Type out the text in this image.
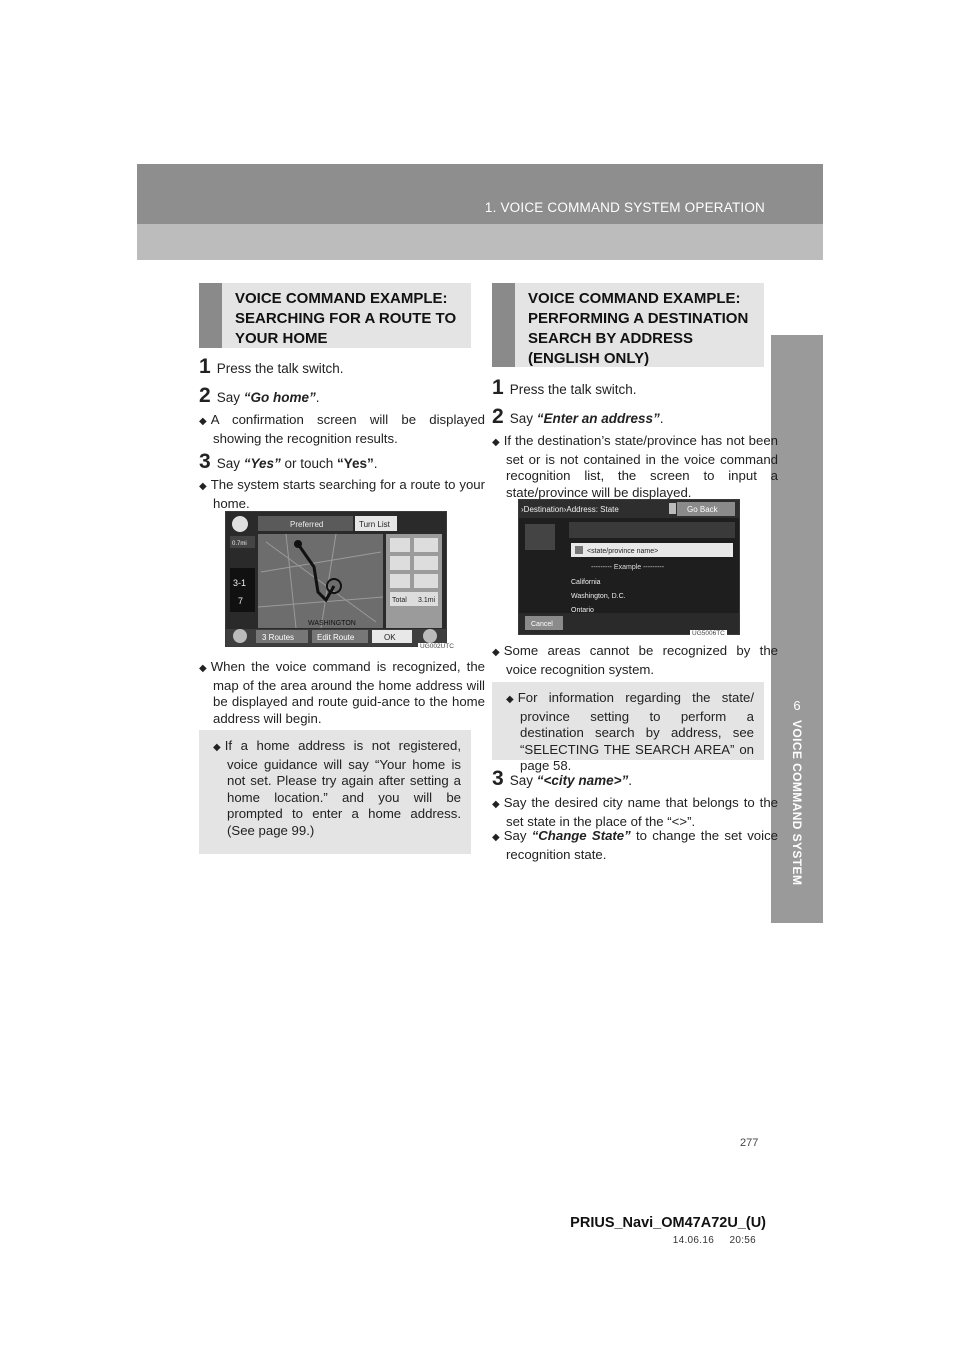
1. VOICE COMMAND SYSTEM OPERATION
6
VOICE COMMAND SYSTEM
VOICE COMMAND EXAMPLE: SEARCHING FOR A ROUTE TO YOUR HOME
1 Press the talk switch.
2 Say “Go home”.
◆ A confirmation screen will be displayed showing the recognition results.
3 Say “Yes” or touch “Yes”.
◆ The system starts searching for a route to your home.
Preferred	Turn List
0.7mi
3-1
7
WASHINGTON
Total 3.1mi
3 Routes	Edit Route	OK
UG002UTC
◆ When the voice command is recognized, the map of the area around the home address will be displayed and route guid-ance to the home address will begin.
◆ If a home address is not registered, voice guidance will say “Your home is not set. Please try again after setting a home location.” and you will be prompted to enter a home address. (See page 99.)
VOICE COMMAND EXAMPLE: PERFORMING A DESTINATION SEARCH BY ADDRESS (ENGLISH ONLY)
1 Press the talk switch.
2 Say “Enter an address”.
◆ If the destination’s state/province has not been set or is not contained in the voice command recognition list, the screen to input a state/province will be displayed.
›Destination›Address: State	Go Back
<state/province name>
--------- Example ---------
California
Washington, D.C.
Ontario
Cancel
UG5006TC
◆ Some areas cannot be recognized by the voice recognition system.
◆ For information regarding the state/ province setting to perform a destination search by address, see “SELECTING THE SEARCH AREA” on page 58.
3 Say “<city name>”.
◆ Say the desired city name that belongs to the set state in the place of the “<>”.
◆ Say “Change State” to change the set voice recognition state.
277
PRIUS_Navi_OM47A72U_(U)
14.06.16     20:56
